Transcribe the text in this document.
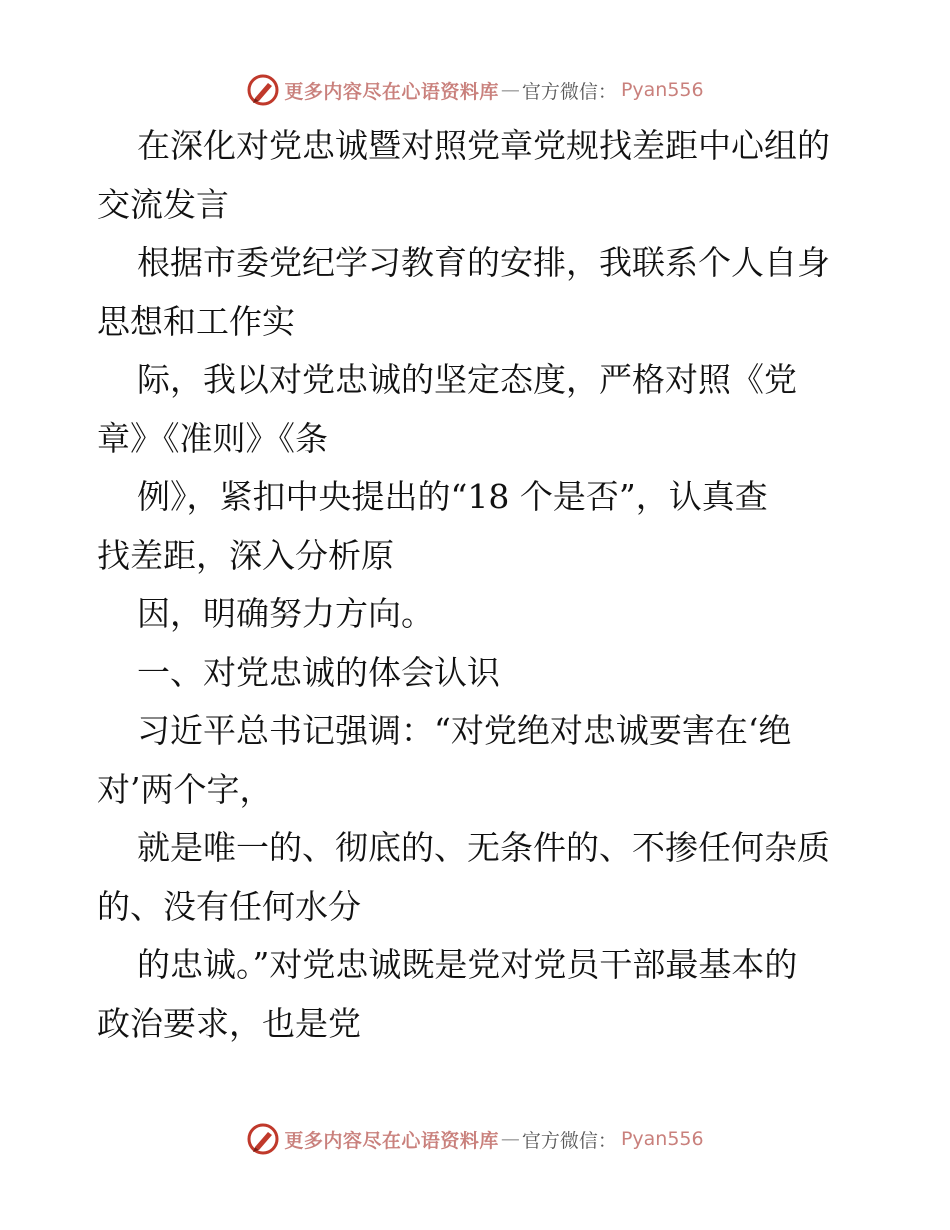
更多内容尽在心语资料库 — 官方微信： Pyan556

在深化对党忠诚暨对照党章党规找差距中心组的

交流发言

根据市委党纪学习教育的安排，我联系个人自身

思想和工作实

际，我以对党忠诚的坚定态度，严格对照《党

章》《准则》《条

例》，紧扣中央提出的“18 个是否”，认真查

找差距，深入分析原

因，明确努力方向。

一、对党忠诚的体会认识

习近平总书记强调：“对党绝对忠诚要害在‘绝

对’两个字，

就是唯一的、彻底的、无条件的、不掺任何杂质

的、没有任何水分

的忠诚。”对党忠诚既是党对党员干部最基本的

政治要求，也是党

更多内容尽在心语资料库 — 官方微信： Pyan556
